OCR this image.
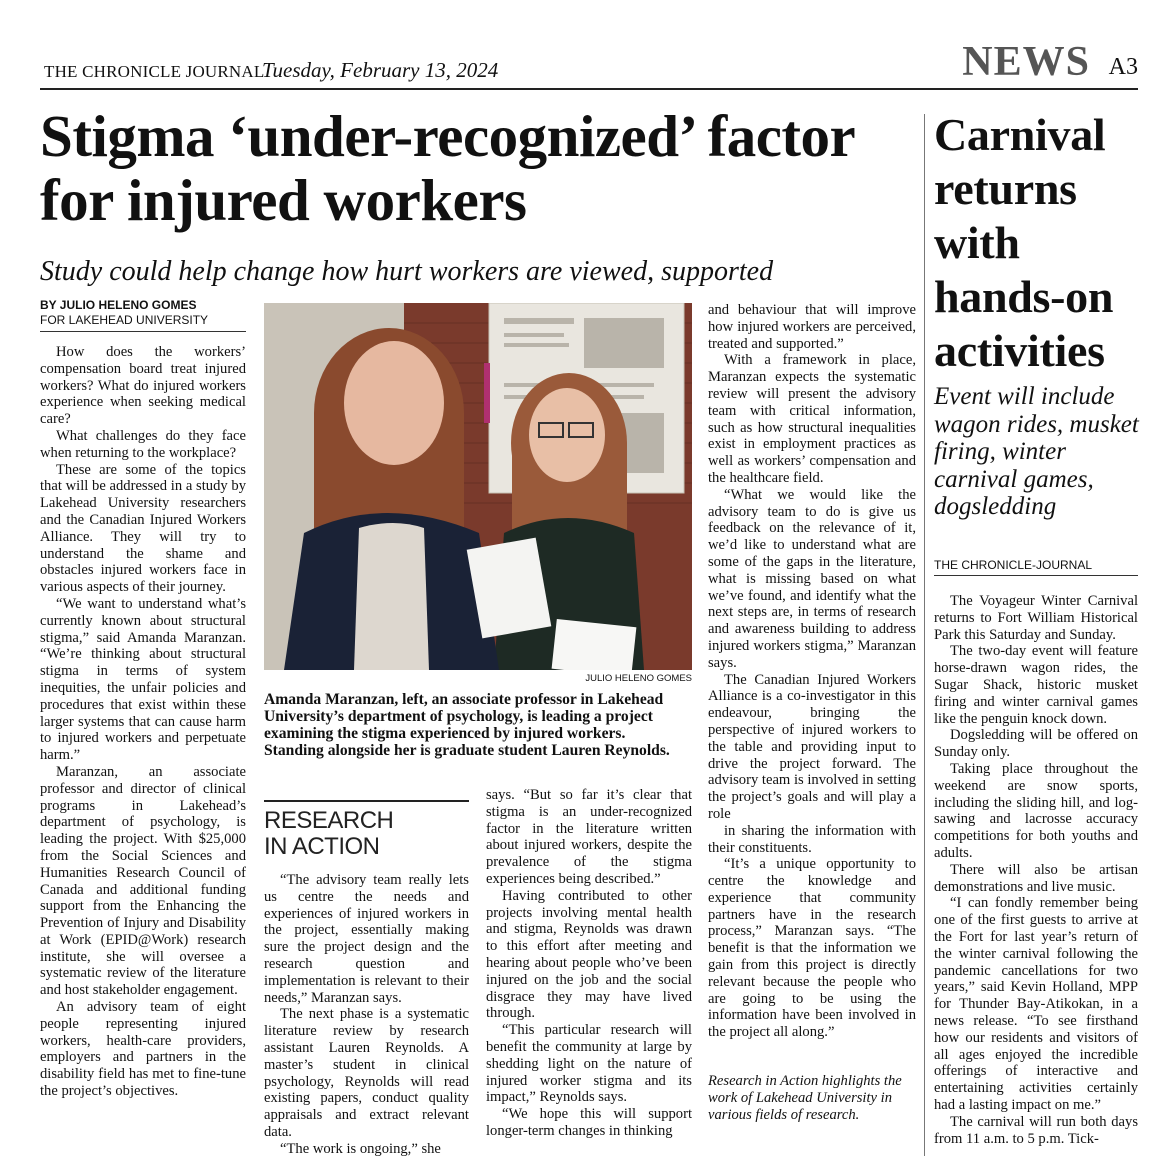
THE CHRONICLE JOURNAL
Tuesday, February 13, 2024	NEWS A3
Stigma ‘under-recognized’ factor for injured workers
Study could help change how hurt workers are viewed, supported
BY JULIO HELENO GOMES
FOR LAKEHEAD UNIVERSITY

How does the workers’ compensation board treat injured workers? What do injured workers experience when seeking medical care?

What challenges do they face when returning to the workplace?

These are some of the topics that will be addressed in a study by Lakehead University researchers and the Canadian Injured Workers Alliance. They will try to understand the shame and obstacles injured workers face in various aspects of their journey.

“We want to understand what’s currently known about structural stigma,” said Amanda Maranzan. “We’re thinking about structural stigma in terms of system inequities, the unfair policies and procedures that exist within these larger systems that can cause harm to injured workers and perpetuate harm.”

Maranzan, an associate professor and director of clinical programs in Lakehead’s department of psychology, is leading the project. With $25,000 from the Social Sciences and Humanities Research Council of Canada and additional funding support from the Enhancing the Prevention of Injury and Disability at Work (EPID@Work) research institute, she will oversee a systematic review of the literature and host stakeholder engagement.

An advisory team of eight people representing injured workers, health-care providers, employers and partners in the disability field has met to fine-tune the project’s objectives.

JULIO HELENO GOMES
Amanda Maranzan, left, an associate professor in Lakehead University’s department of psychology, is leading a project examining the stigma experienced by injured workers. Standing alongside her is graduate student Lauren Reynolds.
RESEARCH
IN ACTION

“The advisory team really lets us centre the needs and experiences of injured workers in the project, essentially making sure the project design and the research question and implementation is relevant to their needs,” Maranzan says.

The next phase is a systematic literature review by research assistant Lauren Reynolds. A master’s student in clinical psychology, Reynolds will read existing papers, conduct quality appraisals and extract relevant data.

“The work is ongoing,” she

says. “But so far it’s clear that stigma is an under-recognized factor in the literature written about injured workers, despite the prevalence of the stigma experiences being described.”

Having contributed to other projects involving mental health and stigma, Reynolds was drawn to this effort after meeting and hearing about people who’ve been injured on the job and the social disgrace they may have lived through.

“This particular research will benefit the community at large by shedding light on the nature of injured worker stigma and its impact,” Reynolds says.

“We hope this will support longer-term changes in thinking

and behaviour that will improve how injured workers are perceived, treated and supported.”

With a framework in place, Maranzan expects the systematic review will present the advisory team with critical information, such as how structural inequalities exist in employment practices as well as workers’ compensation and the healthcare field.

“What we would like the advisory team to do is give us feedback on the relevance of it, we’d like to understand what are some of the gaps in the literature, what is missing based on what we’ve found, and identify what the next steps are, in terms of research and awareness building to address injured workers stigma,” Maranzan says.

The Canadian Injured Workers Alliance is a co-investigator in this endeavour, bringing the perspective of injured workers to the table and providing input to drive the project forward. The advisory team is involved in setting the project’s goals and will play a role

in sharing the information with their constituents.

“It’s a unique opportunity to centre the knowledge and experience that community partners have in the research process,” Maranzan says. “The benefit is that the information we gain from this project is directly relevant because the people who are going to be using the information have been involved in the project all along.”

Research in Action highlights the work of Lakehead University in various fields of research.
Carnival returns with hands-on activities
Event will include wagon rides, musket firing, winter carnival games, dogsledding
THE CHRONICLE-JOURNAL

The Voyageur Winter Carnival returns to Fort William Historical Park this Saturday and Sunday.

The two-day event will feature horse-drawn wagon rides, the Sugar Shack, historic musket firing and winter carnival games like the penguin knock down.

Dogsledding will be offered on Sunday only.

Taking place throughout the weekend are snow sports, including the sliding hill, and log-sawing and lacrosse accuracy competitions for both youths and adults.

There will also be artisan demonstrations and live music.

“I can fondly remember being one of the first guests to arrive at the Fort for last year’s return of the winter carnival following the pandemic cancellations for two years,” said Kevin Holland, MPP for Thunder Bay-Atikokan, in a news release. “To see firsthand how our residents and visitors of all ages enjoyed the incredible offerings of interactive and entertaining activities certainly had a lasting impact on me.”

The carnival will run both days from 11 a.m. to 5 p.m. Tick-
